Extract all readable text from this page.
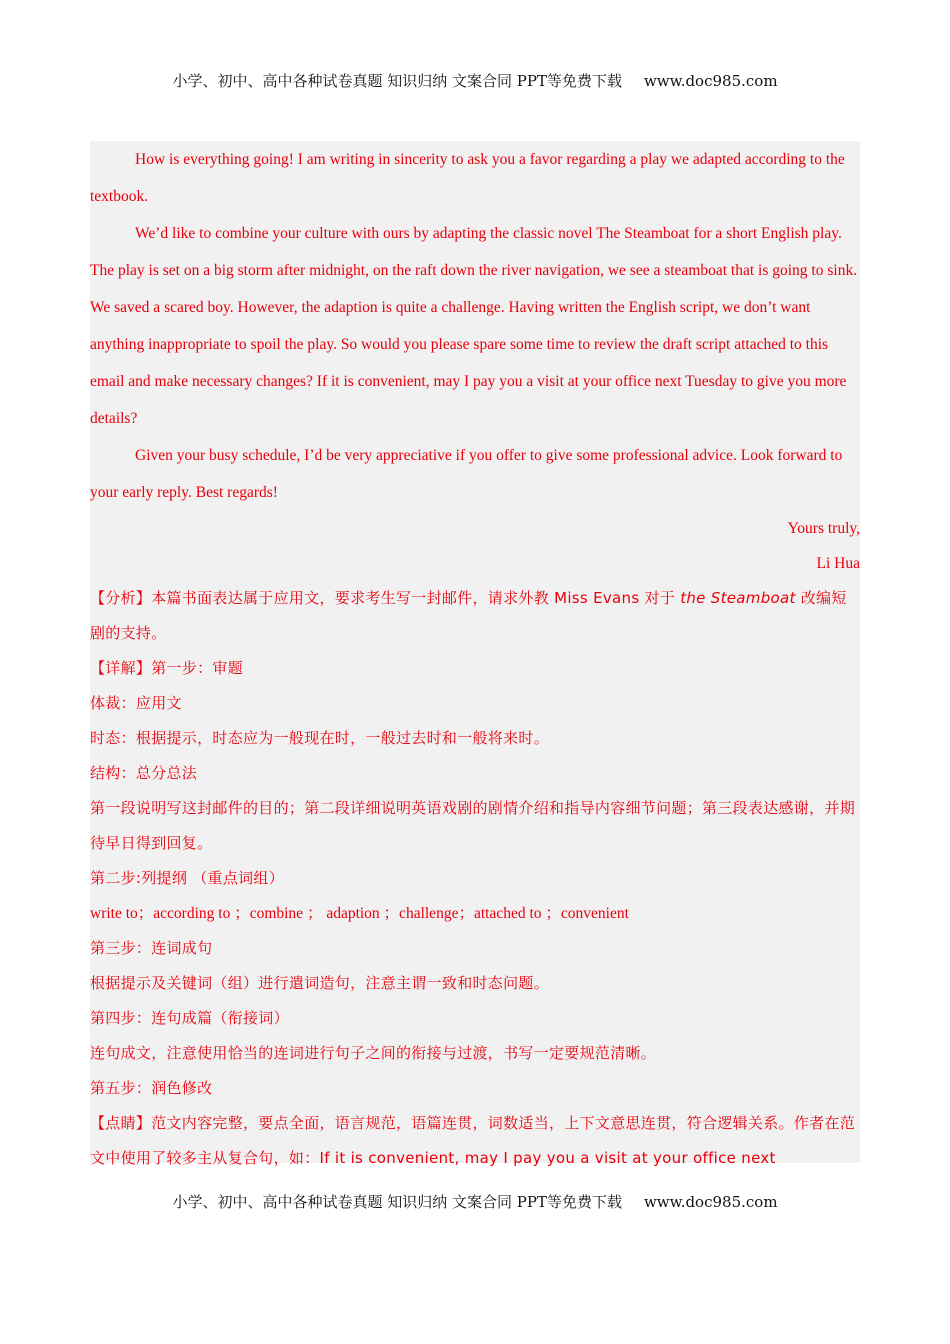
小学、初中、高中各种试卷真题 知识归纳 文案合同 PPT等免费下载 www.doc985.com

How is everything going! I am writing in sincerity to ask you a favor regarding a play we adapted according to the textbook.

We’d like to combine your culture with ours by adapting the classic novel The Steamboat for a short English play. The play is set on a big storm after midnight, on the raft down the river navigation, we see a steamboat that is going to sink. We saved a scared boy. However, the adaption is quite a challenge. Having written the English script, we don’t want anything inappropriate to spoil the play. So would you please spare some time to review the draft script attached to this email and make necessary changes? If it is convenient, may I pay you a visit at your office next Tuesday to give you more details?

Given your busy schedule, I’d be very appreciative if you offer to give some professional advice. Look forward to your early reply. Best regards!

Yours truly,

Li Hua

【分析】本篇书面表达属于应用文，要求考生写一封邮件，请求外教 Miss Evans 对于 the Steamboat 改编短剧的支持。

【详解】第一步：审题

体裁：应用文

时态：根据提示，时态应为一般现在时，一般过去时和一般将来时。

结构：总分总法

第一段说明写这封邮件的目的；第二段详细说明英语戏剧的剧情介绍和指导内容细节问题；第三段表达感谢，并期待早日得到回复。

第二步:列提纲 （重点词组）

write to；according to ；combine ； adaption ；challenge；attached to ；convenient

第三步：连词成句

根据提示及关键词（组）进行遣词造句，注意主谓一致和时态问题。

第四步：连句成篇（衔接词）

连句成文，注意使用恰当的连词进行句子之间的衔接与过渡，书写一定要规范清晰。

第五步：润色修改

【点睛】范文内容完整，要点全面，语言规范，语篇连贯，词数适当，上下文意思连贯，符合逻辑关系。作者在范文中使用了较多主从复合句，如：If it is convenient, may I pay you a visit at your office next

小学、初中、高中各种试卷真题 知识归纳 文案合同 PPT等免费下载 www.doc985.com
